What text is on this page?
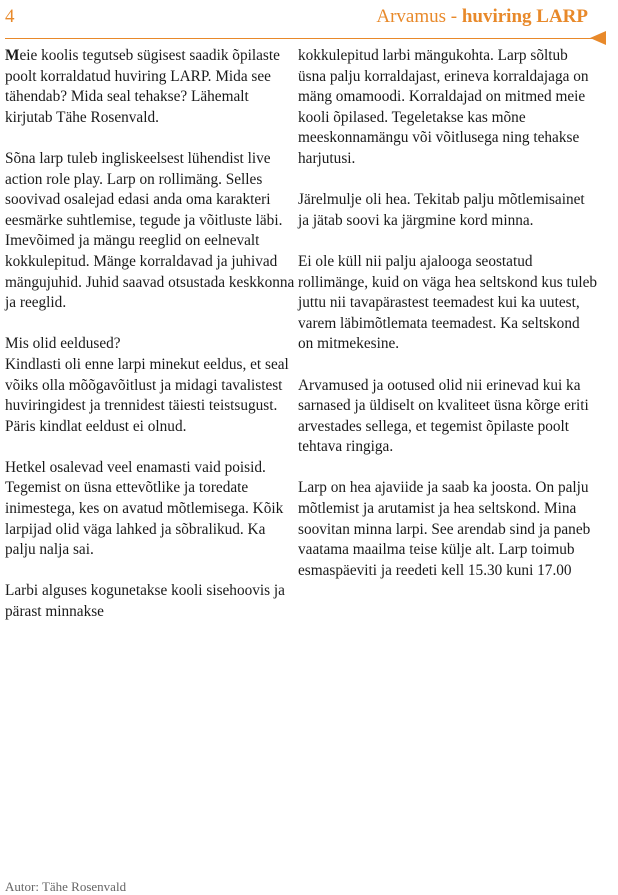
4	Arvamus - huviring LARP

Meie koolis tegutseb sügisest saadik õpilaste poolt korraldatud huviring LARP. Mida see tähendab? Mida seal tehakse? Lähemalt kirjutab Tähe Rosenvald.

Sõna larp tuleb ingliskeelsest lühendist live action role play. Larp on rollimäng. Selles soovivad osalejad edasi anda oma karakteri eesmärke suhtlemise, tegude ja võitluste läbi. Imevõimed ja mängu reeglid on eelnevalt kokkulepitud. Mänge korraldavad ja juhivad mängujuhid. Juhid saavad otsustada keskkonna ja reeglid.

Mis olid eeldused?
Kindlasti oli enne larpi minekut eeldus, et seal võiks olla mõõgavõitlust ja midagi tavalistest huviringidest ja trennidest täiesti teistsugust. Päris kindlat eeldust ei olnud.

Hetkel osalevad veel enamasti vaid poisid. Tegemist on üsna ettevõtlike ja toredate inimestega, kes on avatud mõtlemisega. Kõik larpijad olid väga lahked ja sõbralikud. Ka palju nalja sai.

Larbi alguses kogunetakse kooli sisehoovis ja pärast minnakse

kokkulepitud larbi mängukohta. Larp sõltub üsna palju korraldajast, erineva korraldajaga on mäng omamoodi. Korraldajad on mitmed meie kooli õpilased. Tegeletakse kas mõne meeskonnamängu või võitlusega ning tehakse harjutusi.

Järelmulje oli hea. Tekitab palju mõtlemisainet ja jätab soovi ka järgmine kord minna.

Ei ole küll nii palju ajalooga seostatud rollimänge, kuid on väga hea seltskond kus tuleb juttu nii tavapärastest teemadest kui ka uutest, varem läbimõtlemata teemadest. Ka seltskond on mitmekesine.

Arvamused ja ootused olid nii erinevad kui ka sarnased ja üldiselt on kvaliteet üsna kõrge eriti arvestades sellega, et tegemist õpilaste poolt tehtava ringiga.

Larp on hea ajaviide ja saab ka joosta. On palju mõtlemist ja arutamist ja hea seltskond. Mina soovitan minna larpi. See arendab sind ja paneb vaatama maailma teise külje alt. Larp toimub esmaspäeviti ja reedeti kell 15.30 kuni 17.00

Autor: Tähe Rosenvald
